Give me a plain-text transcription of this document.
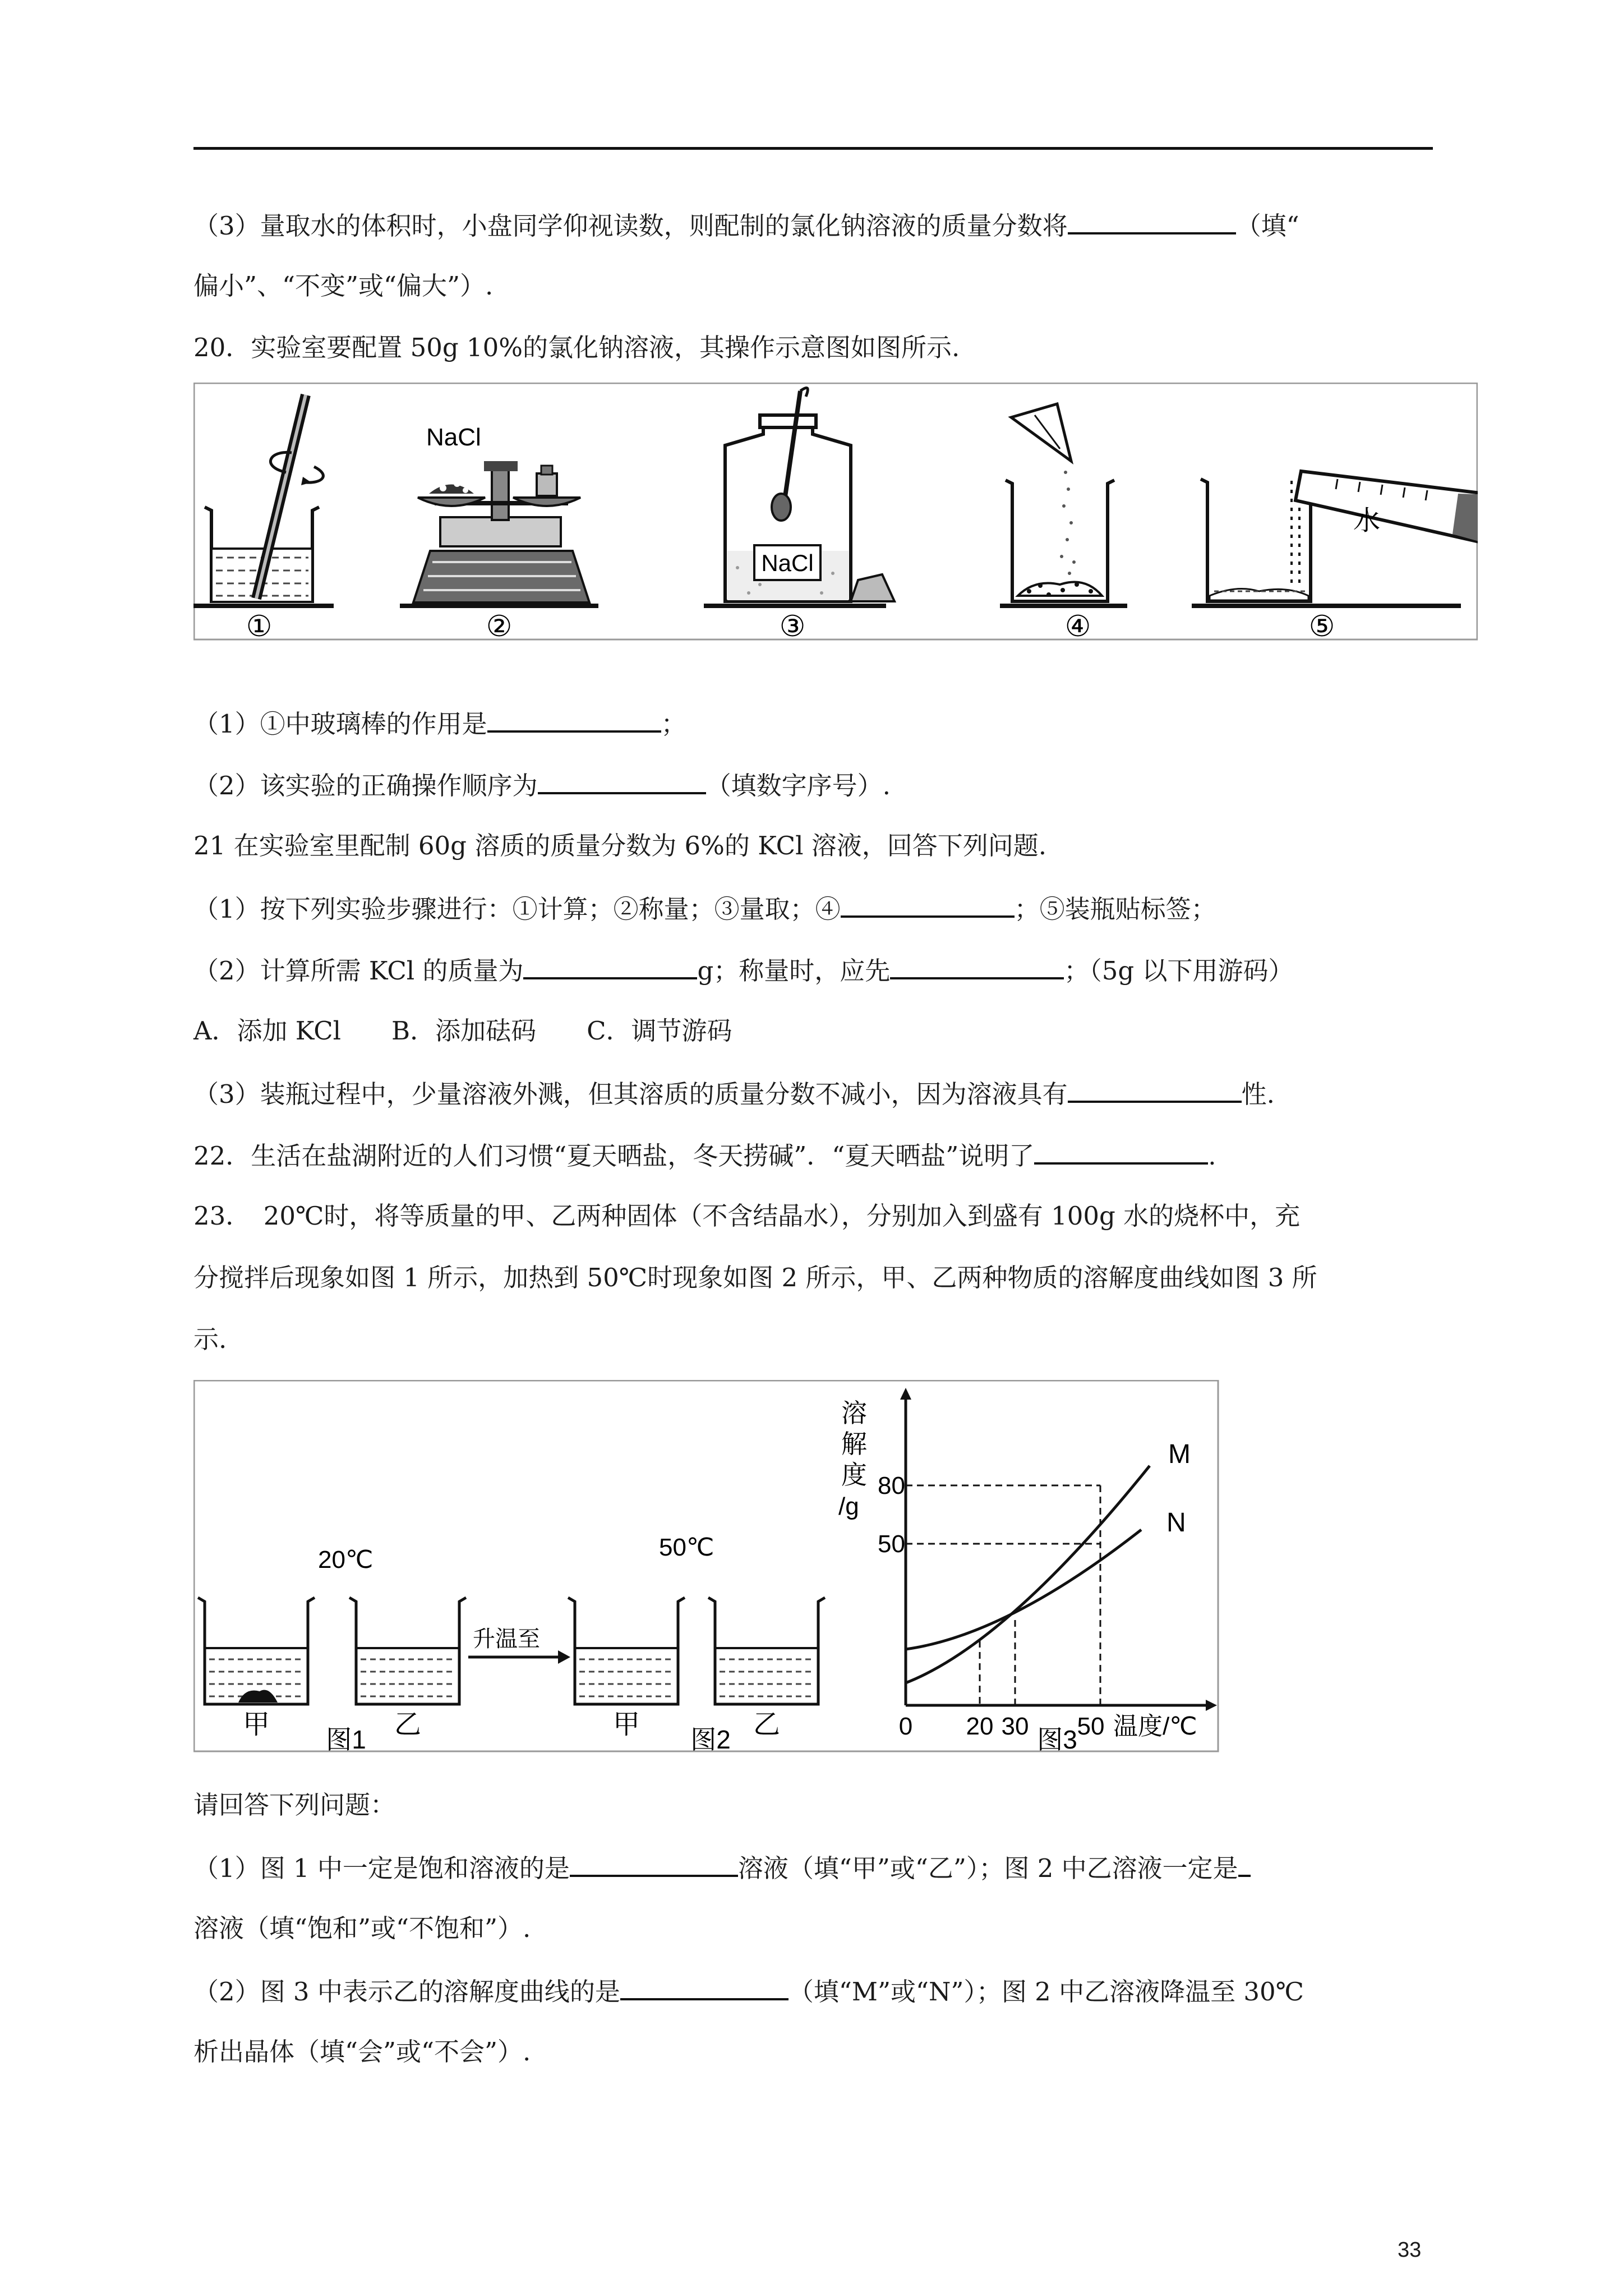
（3）量取水的体积时，小盘同学仰视读数，则配制的氯化钠溶液的质量分数将	（填“
偏小”、“不变”或“偏大”）.
20．实验室要配置 50g 10%的氯化钠溶液，其操作示意图如图所示.
NaCl
NaCl
水
①	②	③	④	⑤
（1）①中玻璃棒的作用是	；
（2）该实验的正确操作顺序为	（填数字序号）.
21 在实验室里配制 60g 溶质的质量分数为 6%的 KCl 溶液，回答下列问题.
（1）按下列实验步骤进行：①计算；②称量；③量取；④	；⑤装瓶贴标签；
（2）计算所需 KCl 的质量为	g；称量时，应先	；（5g 以下用游码）
A．添加 KCl　　B．添加砝码　　C．调节游码
（3）装瓶过程中，少量溶液外溅，但其溶质的质量分数不减小，因为溶液具有	性.
22．生活在盐湖附近的人们习惯“夏天晒盐，冬天捞碱”．“夏天晒盐”说明了	.
23．　20℃时，将等质量的甲、乙两种固体（不含结晶水），分别加入到盛有 100g 水的烧杯中，充
分搅拌后现象如图 1 所示，加热到 50℃时现象如图 2 所示，甲、乙两种物质的溶解度曲线如图 3 所
示.
20℃	50℃
升温至
甲	乙	甲	乙
M
N
溶
解
度
/g
80
50
0 20 30 50 温度/℃
图1	图2	图3
请回答下列问题：
（1）图 1 中一定是饱和溶液的是	溶液（填“甲”或“乙”）；图 2 中乙溶液一定是
溶液（填“饱和”或“不饱和”）.
（2）图 3 中表示乙的溶解度曲线的是	（填“M”或“N”）；图 2 中乙溶液降温至 30℃
析出晶体（填“会”或“不会”）.
33
